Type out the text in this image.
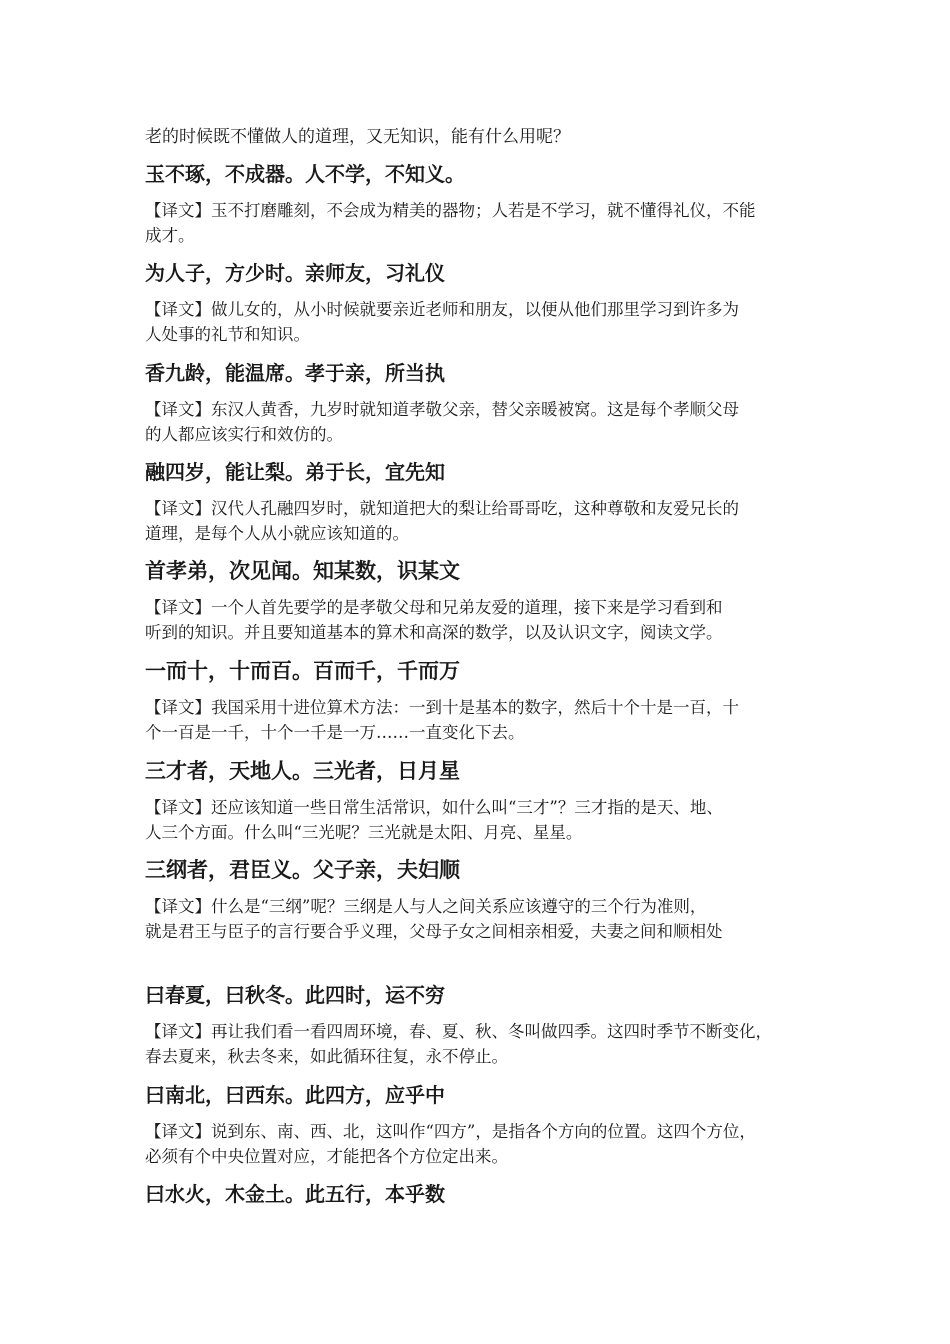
老的时候既不懂做人的道理，又无知识，能有什么用呢？
玉不琢，不成器。人不学，不知义。
【译文】玉不打磨雕刻，不会成为精美的器物；人若是不学习，就不懂得礼仪，不能
成才。
为人子，方少时。亲师友，习礼仪
【译文】做儿女的，从小时候就要亲近老师和朋友，以便从他们那里学习到许多为
人处事的礼节和知识。
香九龄，能温席。孝于亲，所当执
【译文】东汉人黄香，九岁时就知道孝敬父亲，替父亲暖被窝。这是每个孝顺父母
的人都应该实行和效仿的。
融四岁，能让梨。弟于长，宜先知
【译文】汉代人孔融四岁时，就知道把大的梨让给哥哥吃，这种尊敬和友爱兄长的
道理，是每个人从小就应该知道的。
首孝弟，次见闻。知某数，识某文
【译文】一个人首先要学的是孝敬父母和兄弟友爱的道理，接下来是学习看到和
听到的知识。并且要知道基本的算术和高深的数学，以及认识文字，阅读文学。
一而十，十而百。百而千，千而万
【译文】我国采用十进位算术方法：一到十是基本的数字，然后十个十是一百，十
个一百是一千，十个一千是一万……一直变化下去。
三才者，天地人。三光者，日月星
【译文】还应该知道一些日常生活常识，如什么叫“三才”？三才指的是天、地、
人三个方面。什么叫“三光呢？三光就是太阳、月亮、星星。
三纲者，君臣义。父子亲，夫妇顺
【译文】什么是“三纲”呢？三纲是人与人之间关系应该遵守的三个行为准则，
就是君王与臣子的言行要合乎义理，父母子女之间相亲相爱，夫妻之间和顺相处
曰春夏，曰秋冬。此四时，运不穷
【译文】再让我们看一看四周环境，春、夏、秋、冬叫做四季。这四时季节不断变化，
春去夏来，秋去冬来，如此循环往复，永不停止。
曰南北，曰西东。此四方，应乎中
【译文】说到东、南、西、北，这叫作“四方”，是指各个方向的位置。这四个方位，
必须有个中央位置对应，才能把各个方位定出来。
曰水火，木金土。此五行，本乎数
